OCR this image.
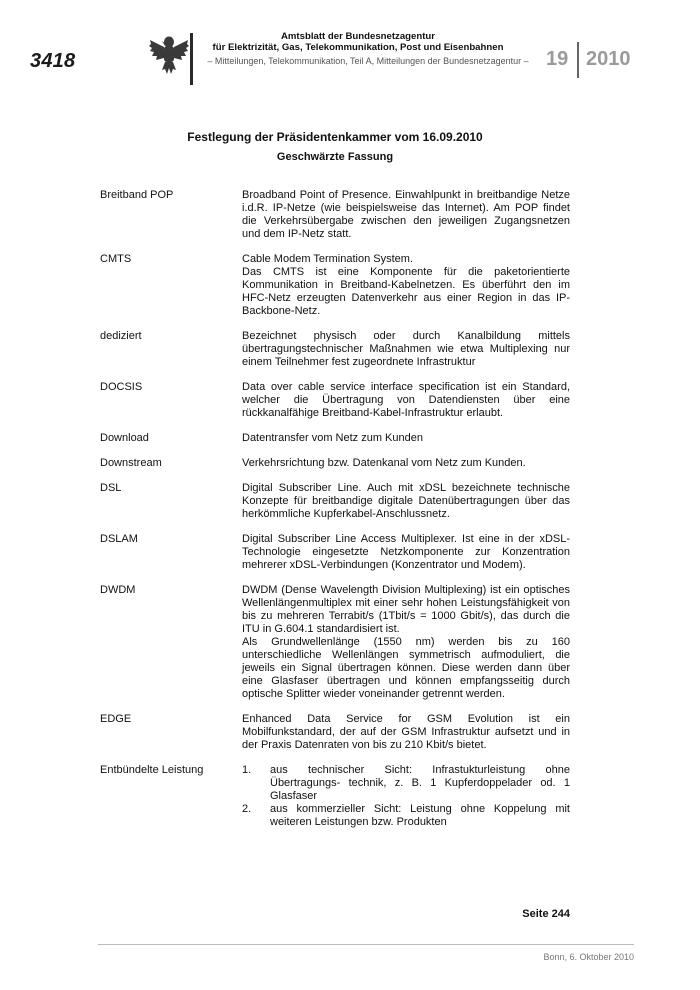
3418
Amtsblatt der Bundesnetzagentur
für Elektrizität, Gas, Telekommunikation, Post und Eisenbahnen
– Mitteilungen, Telekommunikation, Teil A, Mitteilungen der Bundesnetzagentur – 19 2010
Festlegung der Präsidentenkammer vom 16.09.2010
Geschwärzte Fassung
Breitband POP	Broadband Point of Presence. Einwahlpunkt in breitbandige Netze i.d.R. IP-Netze (wie beispielsweise das Internet). Am POP findet die Verkehrsübergabe zwischen den jeweiligen Zugangsnetzen und dem IP-Netz statt.
CMTS	Cable Modem Termination System.
Das CMTS ist eine Komponente für die paketorientierte Kommunikation in Breitband-Kabelnetzen. Es überführt den im HFC-Netz erzeugten Datenverkehr aus einer Region in das IP-Backbone-Netz.
dediziert	Bezeichnet physisch oder durch Kanalbildung mittels übertragungstechnischer Maßnahmen wie etwa Multiplexing nur einem Teilnehmer fest zugeordnete Infrastruktur
DOCSIS	Data over cable service interface specification ist ein Standard, welcher die Übertragung von Datendiensten über eine rückkanalfähige Breitband-Kabel-Infrastruktur erlaubt.
Download	Datentransfer vom Netz zum Kunden
Downstream	Verkehrsrichtung bzw. Datenkanal vom Netz zum Kunden.
DSL	Digital Subscriber Line. Auch mit xDSL bezeichnete technische Konzepte für breitbandige digitale Datenübertragungen über das herkömmliche Kupferkabel-Anschlussnetz.
DSLAM	Digital Subscriber Line Access Multiplexer. Ist eine in der xDSL-Technologie eingesetzte Netzkomponente zur Konzentration mehrerer xDSL-Verbindungen (Konzentrator und Modem).
DWDM	DWDM (Dense Wavelength Division Multiplexing) ist ein optisches Wellenlängenmultiplex mit einer sehr hohen Leistungsfähigkeit von bis zu mehreren Terrabit/s (1Tbit/s = 1000 Gbit/s), das durch die ITU in G.604.1 standardisiert ist.
Als Grundwellenlänge (1550 nm) werden bis zu 160 unterschiedliche Wellenlängen symmetrisch aufmoduliert, die jeweils ein Signal übertragen können. Diese werden dann über eine Glasfaser übertragen und können empfangsseitig durch optische Splitter wieder voneinander getrennt werden.
EDGE	Enhanced Data Service for GSM Evolution ist ein Mobilfunkstandard, der auf der GSM Infrastruktur aufsetzt und in der Praxis Datenraten von bis zu 210 Kbit/s bietet.
Entbündelte Leistung	1.	aus technischer Sicht: Infrastukturleistung ohne Übertragungs- technik, z. B. 1 Kupferdoppelader od. 1 Glasfaser
2.	aus kommerzieller Sicht: Leistung ohne Koppelung mit weiteren Leistungen bzw. Produkten
Seite 244
Bonn, 6. Oktober 2010
